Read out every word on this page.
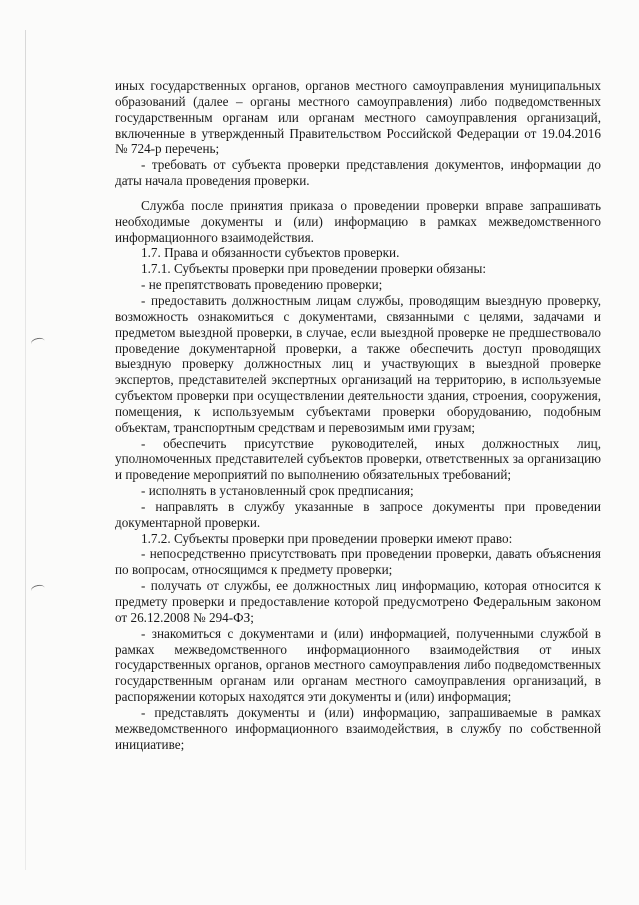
иных государственных органов, органов местного самоуправления муниципальных образований (далее – органы местного самоуправления) либо подведомственных государственным органам или органам местного самоуправления организаций, включенные в утвержденный Правительством Российской Федерации от 19.04.2016 № 724-р перечень;

- требовать от субъекта проверки представления документов, информации до даты начала проведения проверки.

Служба после принятия приказа о проведении проверки вправе запрашивать необходимые документы и (или) информацию в рамках межведомственного информационного взаимодействия.

1.7. Права и обязанности субъектов проверки.

1.7.1. Субъекты проверки при проведении проверки обязаны:

- не препятствовать проведению проверки;

- предоставить должностным лицам службы, проводящим выездную проверку, возможность ознакомиться с документами, связанными с целями, задачами и предметом выездной проверки, в случае, если выездной проверке не предшествовало проведение документарной проверки, а также обеспечить доступ проводящих выездную проверку должностных лиц и участвующих в выездной проверке экспертов, представителей экспертных организаций на территорию, в используемые субъектом проверки при осуществлении деятельности здания, строения, сооружения, помещения, к используемым субъектами проверки оборудованию, подобным объектам, транспортным средствам и перевозимым ими грузам;

- обеспечить присутствие руководителей, иных должностных лиц, уполномоченных представителей субъектов проверки, ответственных за организацию и проведение мероприятий по выполнению обязательных требований;

- исполнять в установленный срок предписания;

- направлять в службу указанные в запросе документы при проведении документарной проверки.

1.7.2. Субъекты проверки при проведении проверки имеют право:

- непосредственно присутствовать при проведении проверки, давать объяснения по вопросам, относящимся к предмету проверки;

- получать от службы, ее должностных лиц информацию, которая относится к предмету проверки и предоставление которой предусмотрено Федеральным законом от 26.12.2008 № 294-ФЗ;

- знакомиться с документами и (или) информацией, полученными службой в рамках межведомственного информационного взаимодействия от иных государственных органов, органов местного самоуправления либо подведомственных государственным органам или органам местного самоуправления организаций, в распоряжении которых находятся эти документы и (или) информация;

- представлять документы и (или) информацию, запрашиваемые в рамках межведомственного информационного взаимодействия, в службу по собственной инициативе;
